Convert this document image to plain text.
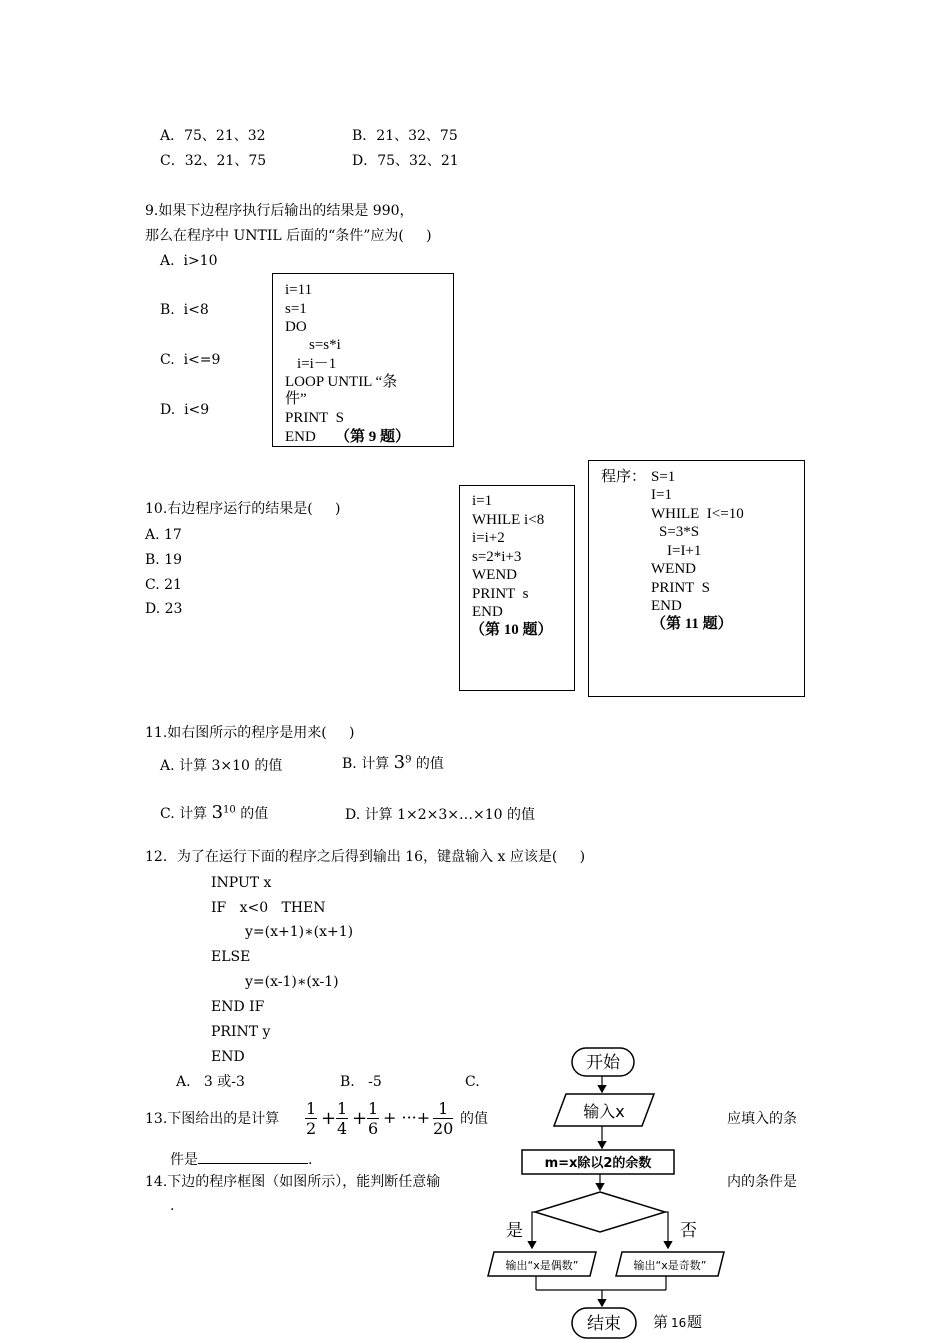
A．75、21、32	B．21、32、75
C．32、21、75	D．75、32、21
9.如果下边程序执行后输出的结果是 990，
那么在程序中 UNTIL 后面的“条件”应为(     )
A.  i>10
B.  i<8
C.  i<=9
D.  i<9
i=11
s=1
DO
s=s*i
i=i－1
LOOP UNTIL “条
件”
PRINT  S
END （第 9 题）
10.右边程序运行的结果是(     )
A. 17
B. 19
C. 21
D. 23
i=1
WHILE i<8
i=i+2
s=2*i+3
WEND
PRINT  s
END
（第 10 题）
程序： S=1
I=1
WHILE  I<=10
S=3*S
I=I+1
WEND
PRINT  S
END
（第 11 题）
11.如右图所示的程序是用来(     )
A. 计算 3×10 的值	B. 计算 $3^9$ 的值
C. 计算 $3^{10}$ 的值	D. 计算 1×2×3×…×10 的值
12．为了在运行下面的程序之后得到输出 16，键盘输入 x 应该是(     )
INPUT x
IF   x<0   THEN
y=(x+1)∗(x+1)
ELSE
y=(x-1)∗(x-1)
END IF
PRINT y
END
A.   3 或-3	B.   -5	C.
13.下图给出的是计算 $\frac{1}{2} + \frac{1}{4} + \frac{1}{6}$ + ···+ $\frac{1}{20}$ 的值	应填入的条
件是	.
14.下边的程序框图（如图所示），能判断任意输	内的条件是
.
开始
输入x
m=x除以2的余数
是	否
输出“x是偶数”	输出“x是奇数”
结束 第 16 题
